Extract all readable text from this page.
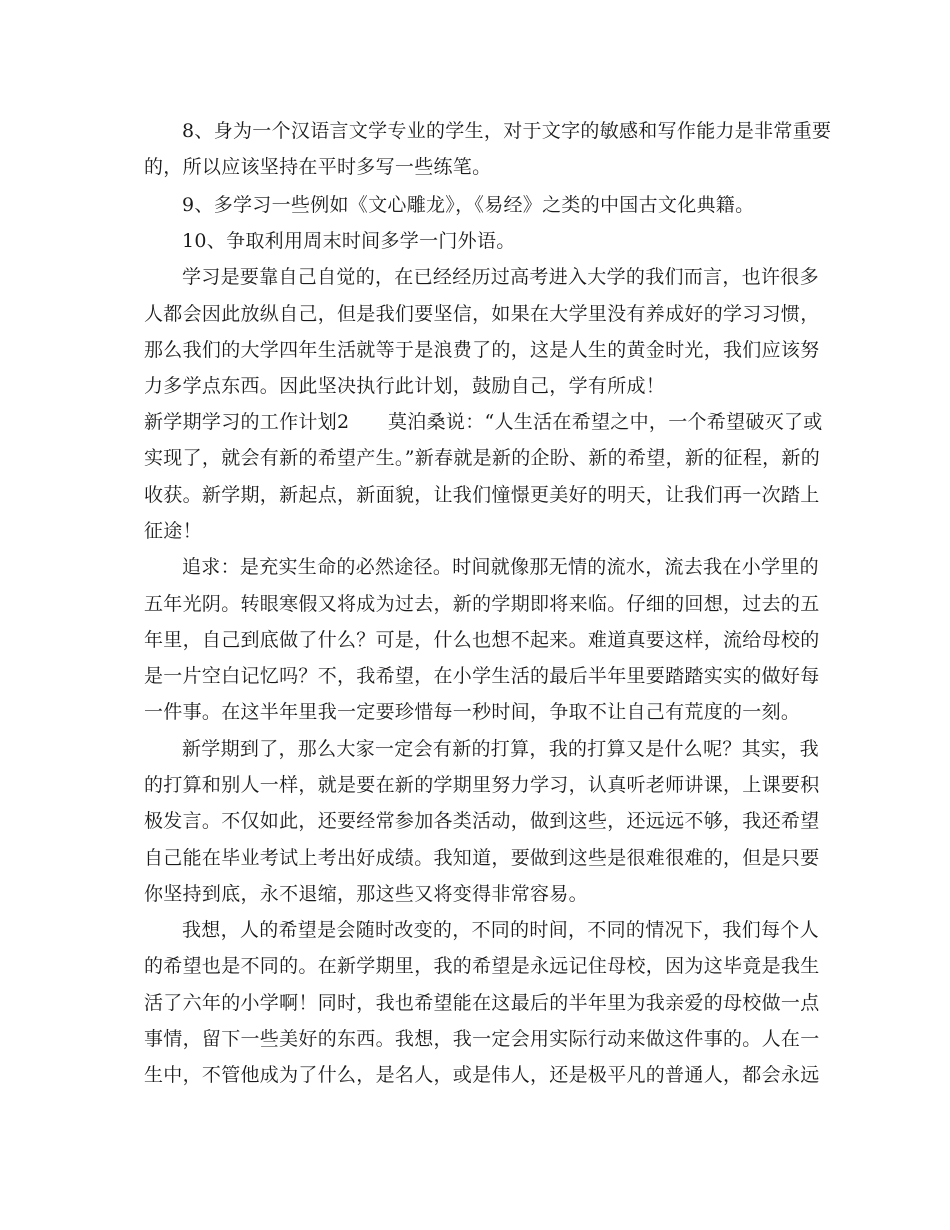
8、身为一个汉语言文学专业的学生，对于文字的敏感和写作能力是非常重要
的，所以应该坚持在平时多写一些练笔。
9、多学习一些例如《文心雕龙》，《易经》之类的中国古文化典籍。
10、争取利用周末时间多学一门外语。
学习是要靠自己自觉的，在已经经历过高考进入大学的我们而言，也许很多
人都会因此放纵自己，但是我们要坚信，如果在大学里没有养成好的学习习惯，
那么我们的大学四年生活就等于是浪费了的，这是人生的黄金时光，我们应该努
力多学点东西。因此坚决执行此计划，鼓励自己，学有所成！
新学期学习的工作计划2　　莫泊桑说：“人生活在希望之中，一个希望破灭了或
实现了，就会有新的希望产生。”新春就是新的企盼、新的希望，新的征程，新的
收获。新学期，新起点，新面貌，让我们憧憬更美好的明天，让我们再一次踏上
征途！
追求：是充实生命的必然途径。时间就像那无情的流水，流去我在小学里的
五年光阴。转眼寒假又将成为过去，新的学期即将来临。仔细的回想，过去的五
年里，自己到底做了什么？可是，什么也想不起来。难道真要这样，流给母校的
是一片空白记忆吗？不，我希望，在小学生活的最后半年里要踏踏实实的做好每
一件事。在这半年里我一定要珍惜每一秒时间，争取不让自己有荒度的一刻。
新学期到了，那么大家一定会有新的打算，我的打算又是什么呢？其实，我
的打算和别人一样，就是要在新的学期里努力学习，认真听老师讲课，上课要积
极发言。不仅如此，还要经常参加各类活动，做到这些，还远远不够，我还希望
自己能在毕业考试上考出好成绩。我知道，要做到这些是很难很难的，但是只要
你坚持到底，永不退缩，那这些又将变得非常容易。
我想，人的希望是会随时改变的，不同的时间，不同的情况下，我们每个人
的希望也是不同的。在新学期里，我的希望是永远记住母校，因为这毕竟是我生
活了六年的小学啊！同时，我也希望能在这最后的半年里为我亲爱的母校做一点
事情，留下一些美好的东西。我想，我一定会用实际行动来做这件事的。人在一
生中，不管他成为了什么，是名人，或是伟人，还是极平凡的普通人，都会永远
